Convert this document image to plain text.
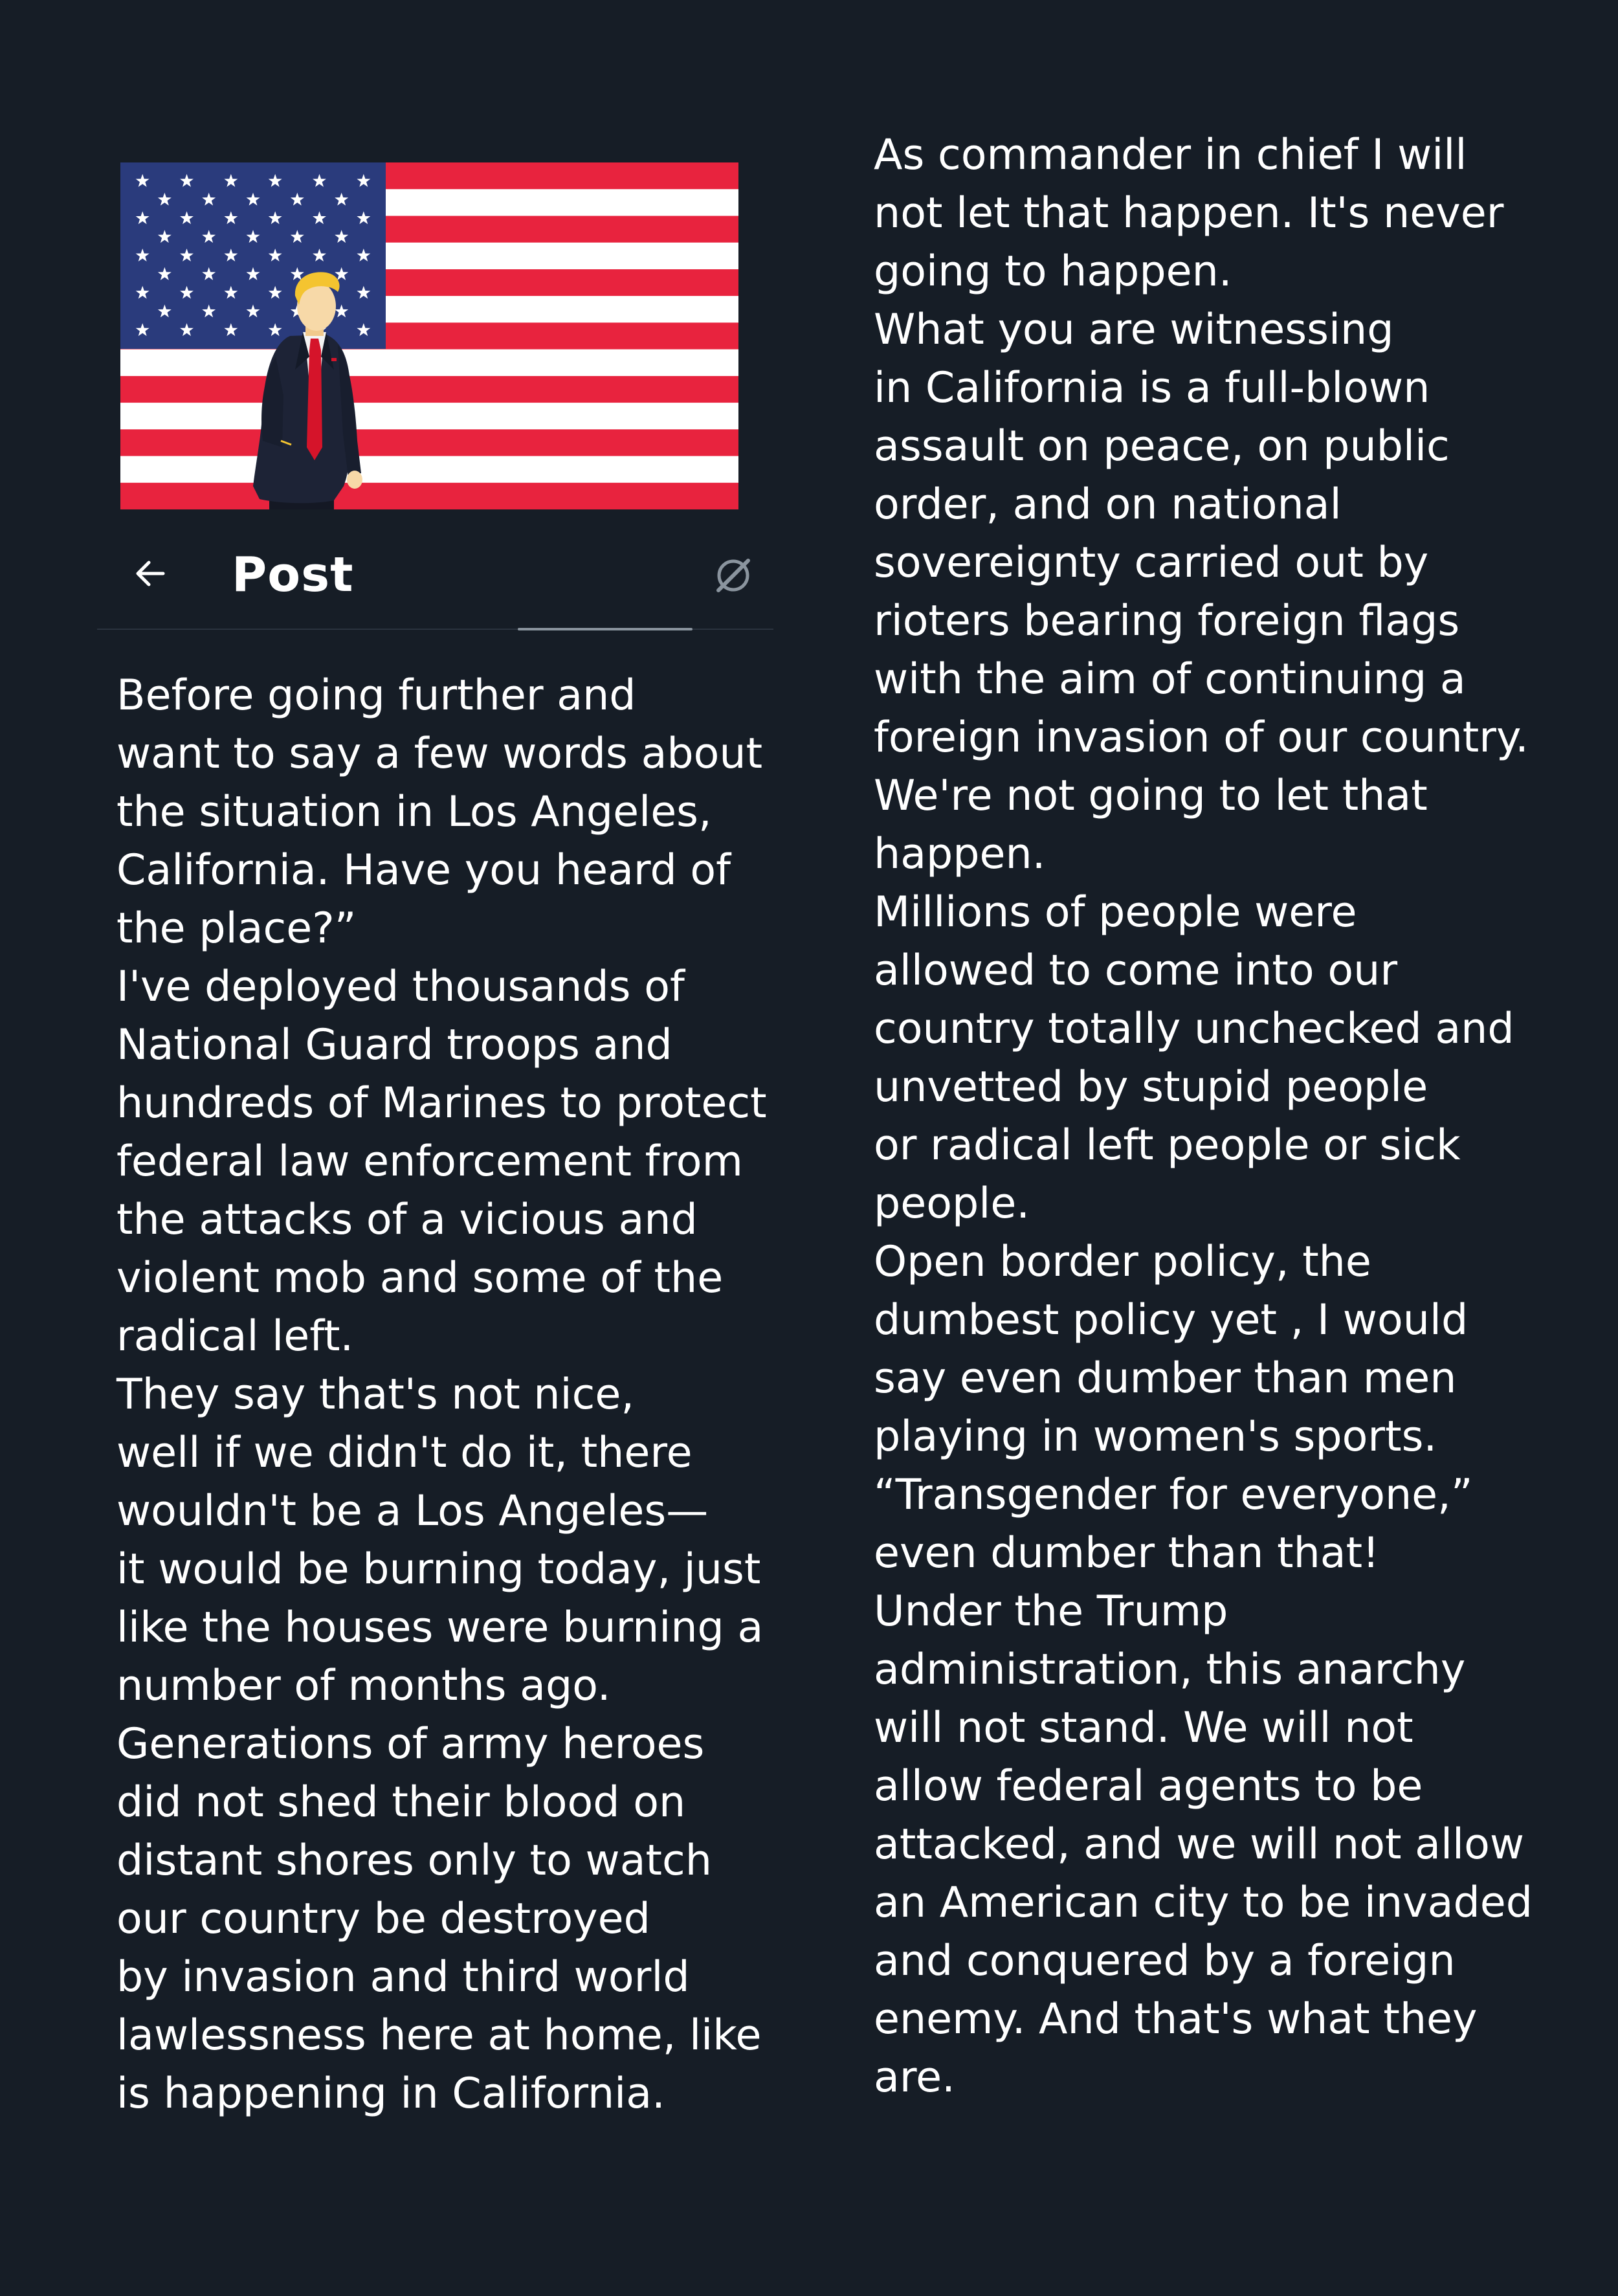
Post

Before going further and
want to say a few words about
the situation in Los Angeles,
California. Have you heard of
the place?”
I've deployed thousands of
National Guard troops and
hundreds of Marines to protect
federal law enforcement from
the attacks of a vicious and
violent mob and some of the
radical left.
They say that's not nice,
well if we didn't do it, there
wouldn't be a Los Angeles—
it would be burning today, just
like the houses were burning a
number of months ago.
Generations of army heroes
did not shed their blood on
distant shores only to watch
our country be destroyed
by invasion and third world
lawlessness here at home, like
is happening in California.

As commander in chief I will
not let that happen. It's never
going to happen.
What you are witnessing
in California is a full-blown
assault on peace, on public
order, and on national
sovereignty carried out by
rioters bearing foreign flags
with the aim of continuing a
foreign invasion of our country.
We're not going to let that
happen.
Millions of people were
allowed to come into our
country totally unchecked and
unvetted by stupid people
or radical left people or sick
people.
Open border policy, the
dumbest policy yet , I would
say even dumber than men
playing in women's sports.
“Transgender for everyone,”
even dumber than that!
Under the Trump
administration, this anarchy
will not stand. We will not
allow federal agents to be
attacked, and we will not allow
an American city to be invaded
and conquered by a foreign
enemy. And that's what they
are.
